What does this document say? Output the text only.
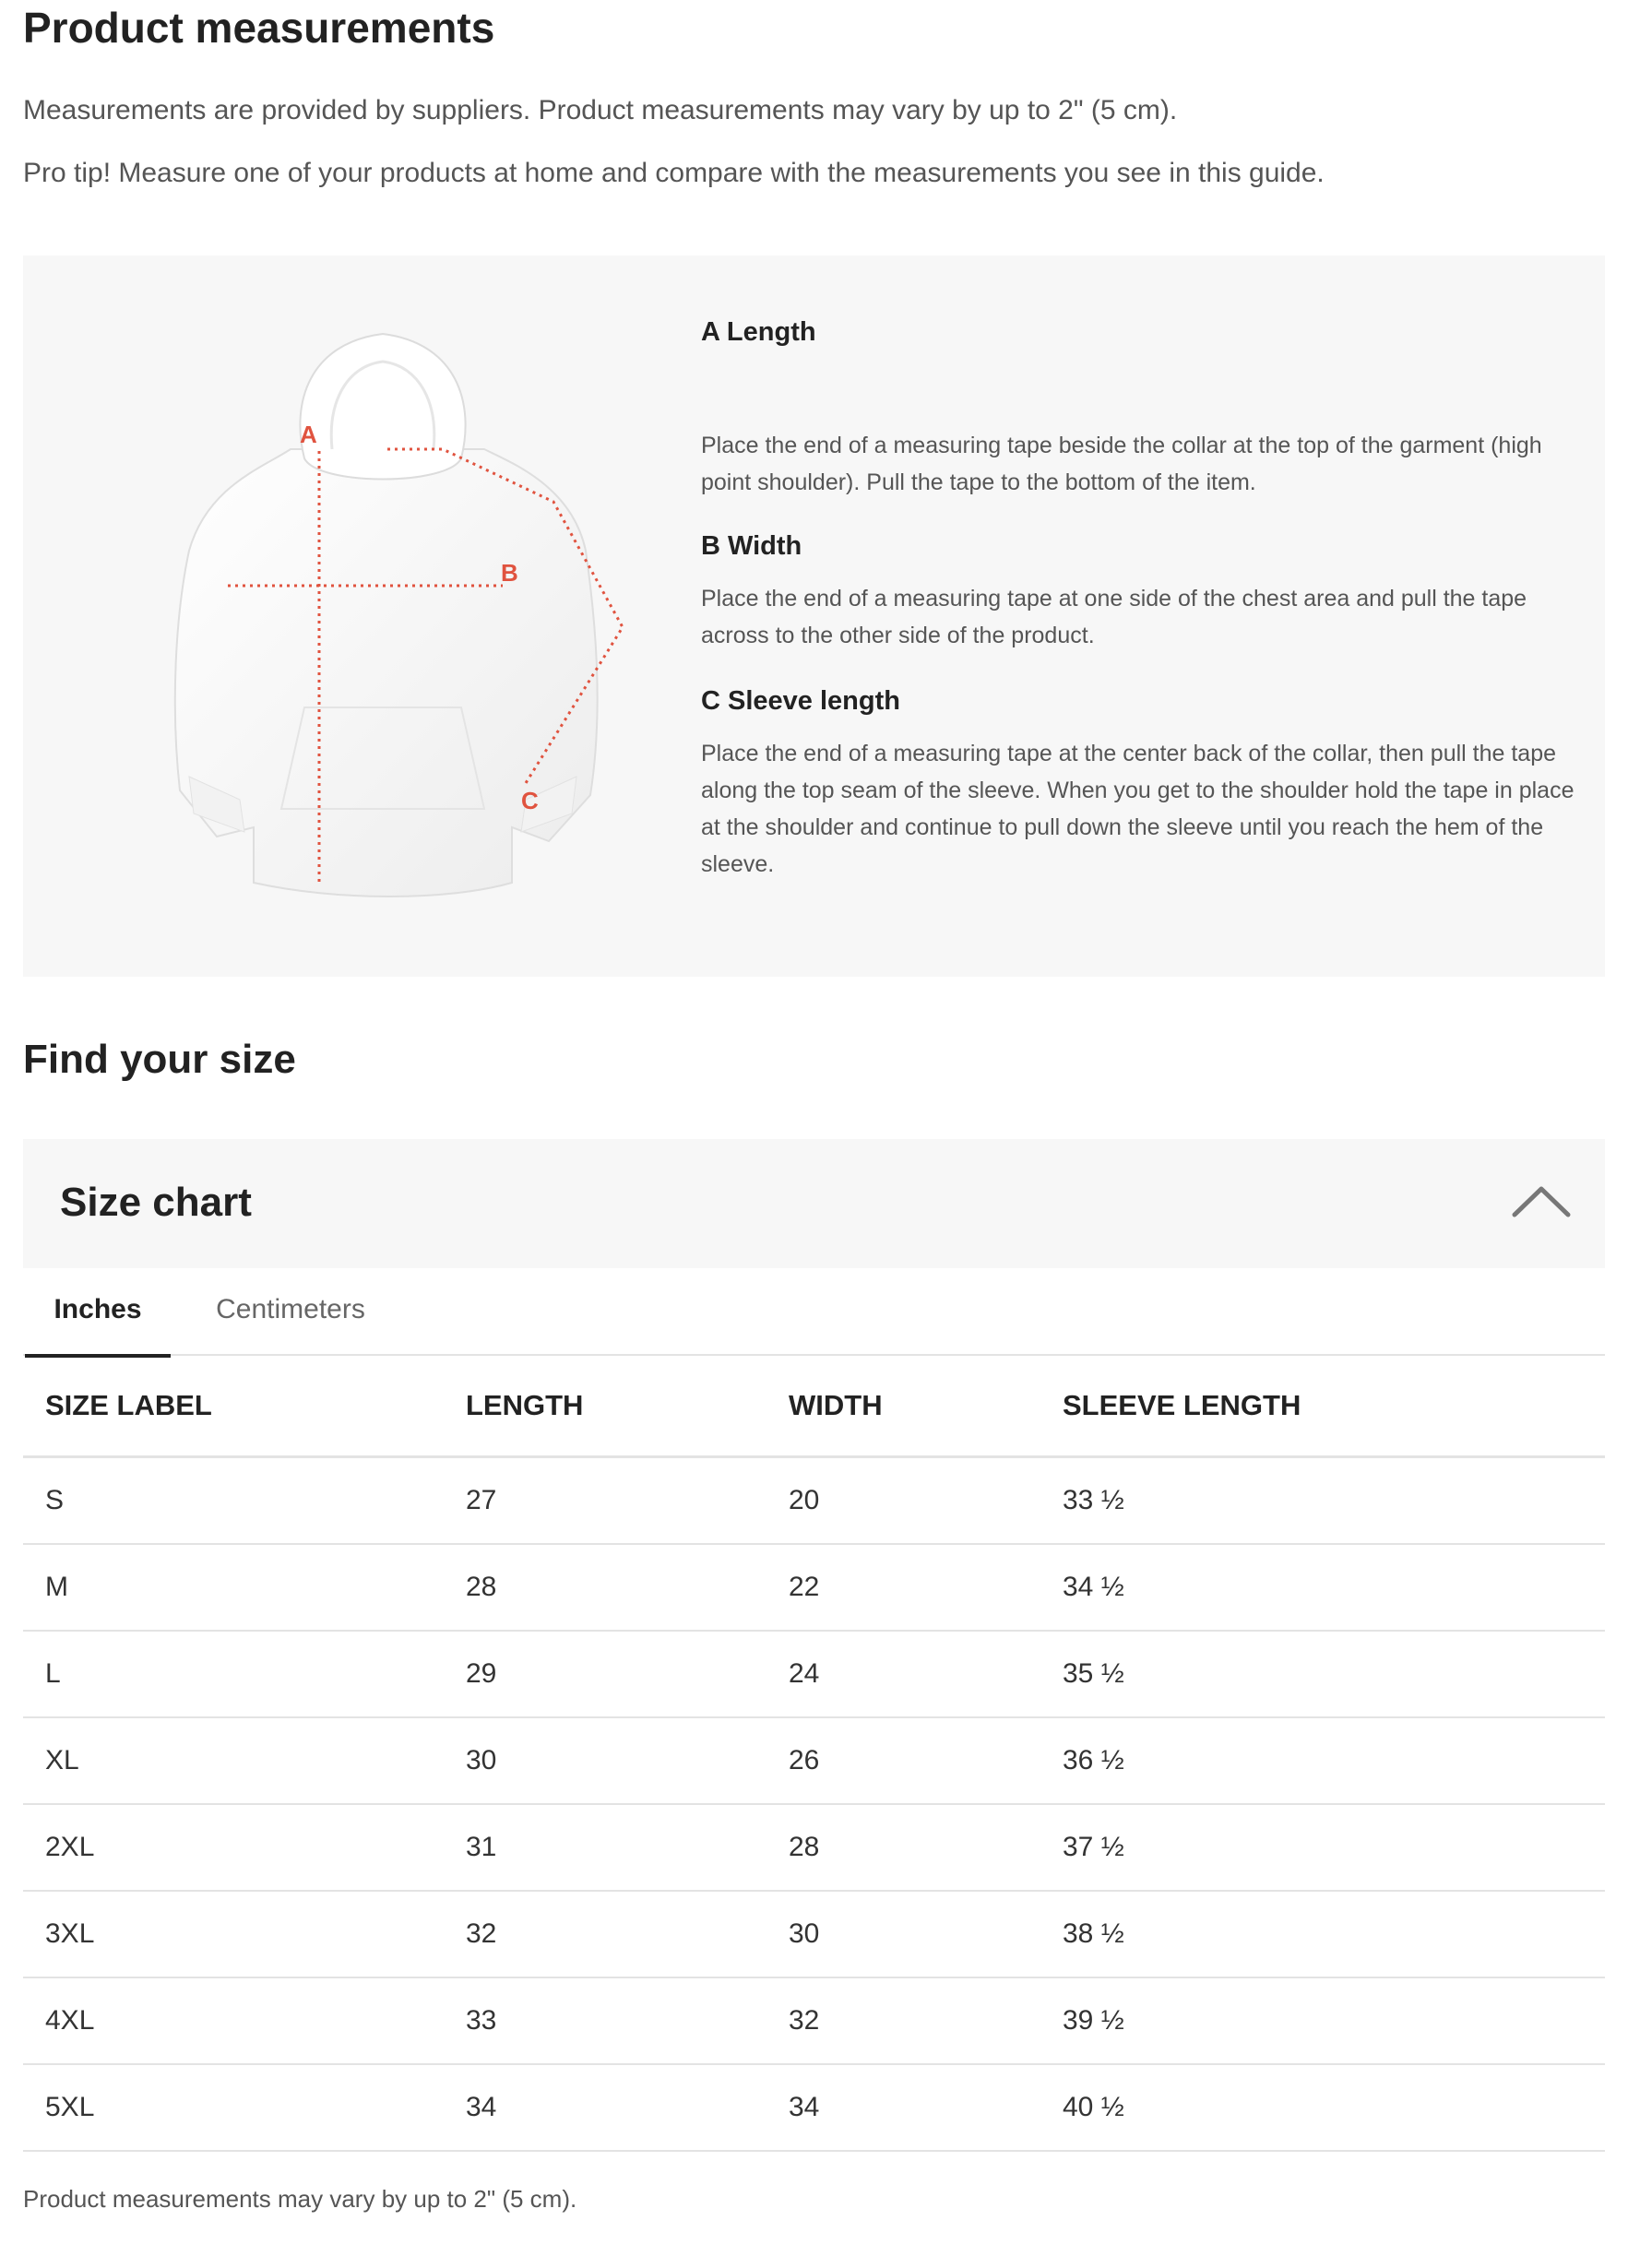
Product measurements

Measurements are provided by suppliers. Product measurements may vary by up to 2" (5 cm).

Pro tip! Measure one of your products at home and compare with the measurements you see in this guide.

A
B
C
A Length

Place the end of a measuring tape beside the collar at the top of the garment (high point shoulder). Pull the tape to the bottom of the item.

B Width

Place the end of a measuring tape at one side of the chest area and pull the tape across to the other side of the product.

C Sleeve length

Place the end of a measuring tape at the center back of the collar, then pull the tape along the top seam of the sleeve. When you get to the shoulder hold the tape in place at the shoulder and continue to pull down the sleeve until you reach the hem of the sleeve.

Find your size
Size chart
Inches	Centimeters
SIZE LABEL	LENGTH	WIDTH	SLEEVE LENGTH
S	27	20	33 ½
M	28	22	34 ½
L	29	24	35 ½
XL	30	26	36 ½
2XL	31	28	37 ½
3XL	32	30	38 ½
4XL	33	32	39 ½
5XL	34	34	40 ½

Product measurements may vary by up to 2" (5 cm).
